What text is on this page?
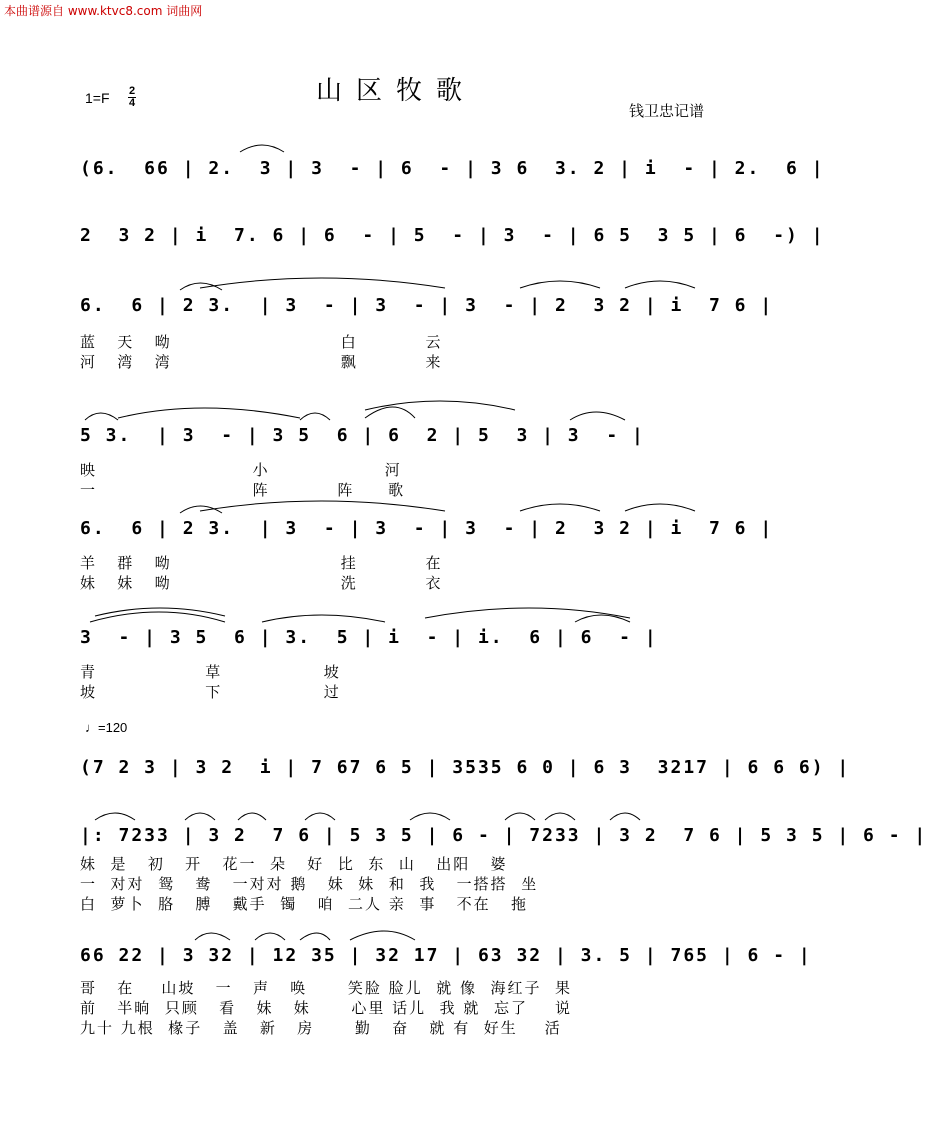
本曲谱源自 www.ktvc8.com 词曲网
山区牧歌
1=F 2
4	钱卫忠记谱
♩=120
(6.  66 | 2.  3 | 3  - | 6  - | 3 6  3. 2 | i  - | 2.  6 |
2  3 2 | i  7. 6 | 6  - | 5  - | 3  - | 6 5  3 5 | 6  -) |
6.  6 | 2 3.  | 3  - | 3  - | 3  - | 2  3 2 | i  7 6 |
蓝   天   呦                         白          云
河   湾   湾                         飘          来
5 3.  | 3  - | 3 5  6 | 6  2 | 5  3 | 3  - |
映                       小                 河
一                       阵          阵     歌
6.  6 | 2 3.  | 3  - | 3  - | 3  - | 2  3 2 | i  7 6 |
羊   群   呦                         挂          在
妹   妹   呦                         洗          衣
3  - | 3 5  6 | 3.  5 | i  - | i.  6 | 6  - |
青                草               坡
坡                下               过
(7 2 3 | 3 2  i | 7 67 6 5 | 3535 6 0 | 6 3  3217 | 6 6 6) |
|: 7233 | 3 2  7 6 | 5 3 5 | 6 - | 7233 | 3 2  7 6 | 5 3 5 | 6 - |
妹  是   初   开   花一  朵   好  比  东  山   出阳   婆
一  对对  鸳   鸯   一对对 鹅   妹  妹  和  我   一搭搭  坐
白  萝卜  胳   膊   戴手  镯   咱  二人 亲  事   不在   拖
66 22 | 3 32 | 12 35 | 32 17 | 63 32 | 3. 5 | 765 | 6 - |
哥   在    山坡   一   声   唤      笑脸 脸儿  就 像  海红子  果
前   半晌  只顾   看   妹   妹      心里 话儿  我 就  忘了    说
九十 九根  椽子   盖   新   房      勤   奋   就 有  好生    活
